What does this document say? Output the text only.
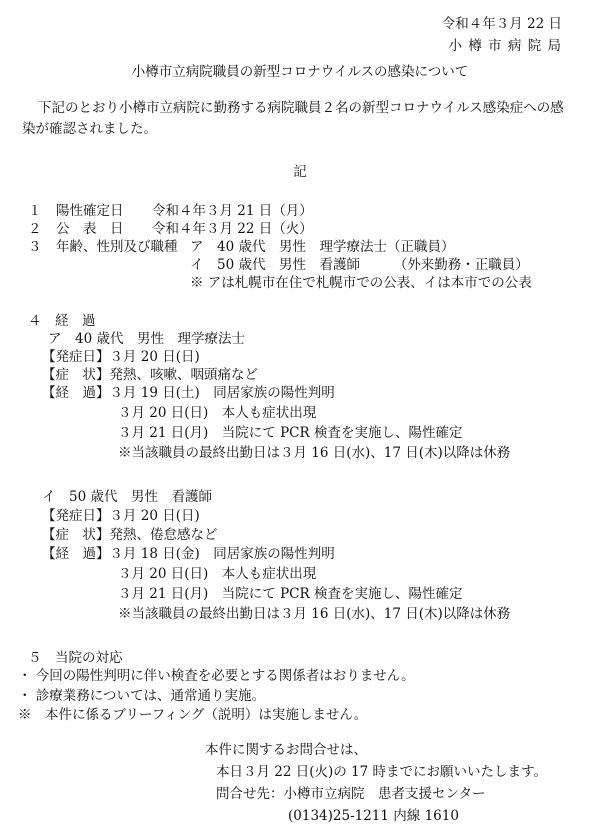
令和４年３月 22 日
小 樽 市 病 院 局
小樽市立病院職員の新型コロナウイルスの感染について
下記のとおり小樽市立病院に勤務する病院職員２名の新型コロナウイルス感染症への感
染が確認されました。
記
１ 陽性確定日 令和４年３月 21 日（月）
２ 公　表　日 令和４年３月 22 日（火）
３ 年齢、性別及び職種 ア　40 歳代　男性　理学療法士（正職員）
イ　50 歳代　男性　看護師　　　（外来勤務・正職員）
※ アは札幌市在住で札幌市での公表、イは本市での公表
４　経　過
ア　40 歳代　男性　理学療法士
【発症日】３月 20 日(日)
【症　状】発熱、咳嗽、咽頭痛など
【経　過】３月 19 日(土)　同居家族の陽性判明
３月 20 日(日)　本人も症状出現
３月 21 日(月)　当院にて PCR 検査を実施し、陽性確定
※当該職員の最終出勤日は３月 16 日(水)、17 日(木)以降は休務
イ　50 歳代　男性　看護師
【発症日】３月 20 日(日)
【症　状】発熱、倦怠感など
【経　過】３月 18 日(金)　同居家族の陽性判明
３月 20 日(日)　本人も症状出現
３月 21 日(月)　当院にて PCR 検査を実施し、陽性確定
※当該職員の最終出勤日は３月 16 日(水)、17 日(木)以降は休務
５　当院の対応
・ 今回の陽性判明に伴い検査を必要とする関係者はおりません。
・ 診療業務については、通常通り実施。
※　本件に係るブリーフィング（説明）は実施しません。
本件に関するお問合せは、
本日３月 22 日(火)の 17 時までにお願いいたします。
問合せ先：小樽市立病院　患者支援センター
(0134)25-1211 内線 1610
